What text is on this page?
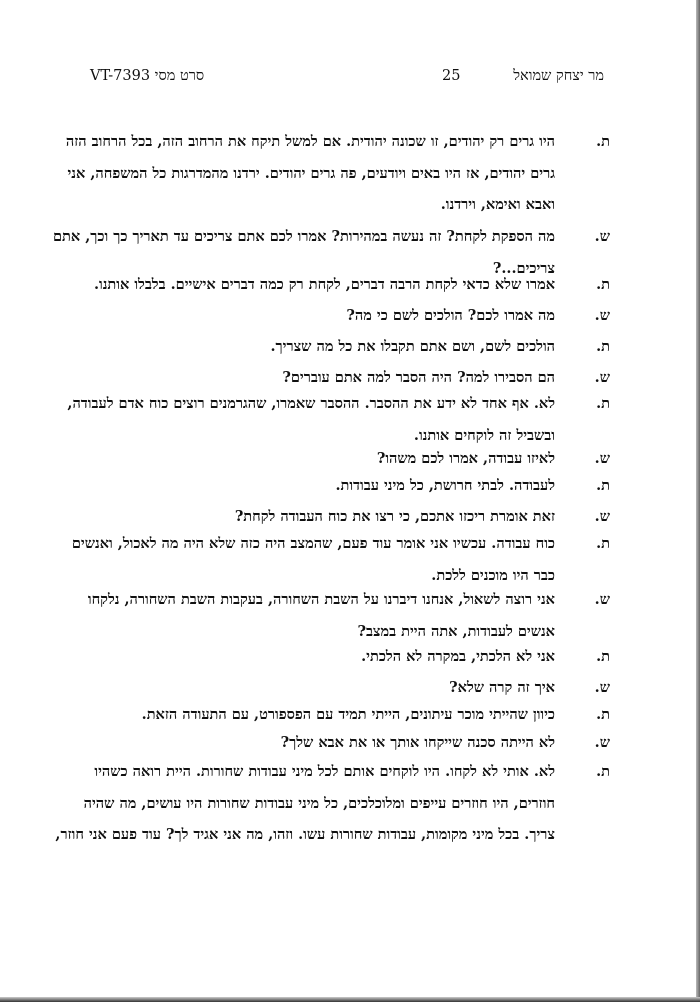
סרט מסי VT-7393	25	מר יצחק שמואל
ת.
היו גרים רק יהודים, זו שכונה יהודית. אם למשל תיקח את הרחוב הזה, בכל הרחוב הזה
גרים יהודים, אז היו באים ויודעים, פה גרים יהודים. ירדנו מהמדרגות כל המשפחה, אני
ואבא ואימא, וירדנו.
ש.
מה הספקת לקחת? זה נעשה במהירות? אמרו לכם אתם צריכים עד תאריך כך וכך, אתם
צריכים...?
ת.
אמרו שלא כדאי לקחת הרבה דברים, לקחת רק כמה דברים אישיים. בלבלו אותנו.
ש.
מה אמרו לכם? הולכים לשם כי מה?
ת.
הולכים לשם, ושם אתם תקבלו את כל מה שצריך.
ש.
הם הסבירו למה? היה הסבר למה אתם עוברים?
ת.
לא. אף אחד לא ידע את ההסבר. ההסבר שאמרו, שהגרמנים רוצים כוח אדם לעבודה,
ובשביל זה לוקחים אותנו.
ש.
לאיזו עבודה, אמרו לכם משהו?
ת.
לעבודה. לבתי חרושת, כל מיני עבודות.
ש.
זאת אומרת ריכזו אתכם, כי רצו את כוח העבודה לקחת?
ת.
כוח עבודה. עכשיו אני אומר עוד פעם, שהמצב היה כזה שלא היה מה לאכול, ואנשים
כבר היו מוכנים ללכת.
ש.
אני רוצה לשאול, אנחנו דיברנו על השבת השחורה, בעקבות השבת השחורה, נלקחו
אנשים לעבודות, אתה היית במצב?
ת.
אני לא הלכתי, במקרה לא הלכתי.
ש.
איך זה קרה שלא?
ת.
כיוון שהייתי מוכר עיתונים, הייתי תמיד עם הפספורט, עם התעודה הזאת.
ש.
לא הייתה סכנה שייקחו אותך או את אבא שלך?
ת.
לא. אותי לא לקחו. היו לוקחים אותם לכל מיני עבודות שחורות. היית רואה כשהיו
חוזרים, היו חוזרים עייפים ומלוכלכים, כל מיני עבודות שחורות היו עושים, מה שהיה
צריך. בכל מיני מקומות, עבודות שחורות עשו. וזהו, מה אני אגיד לך? עוד פעם אני חוזר,
